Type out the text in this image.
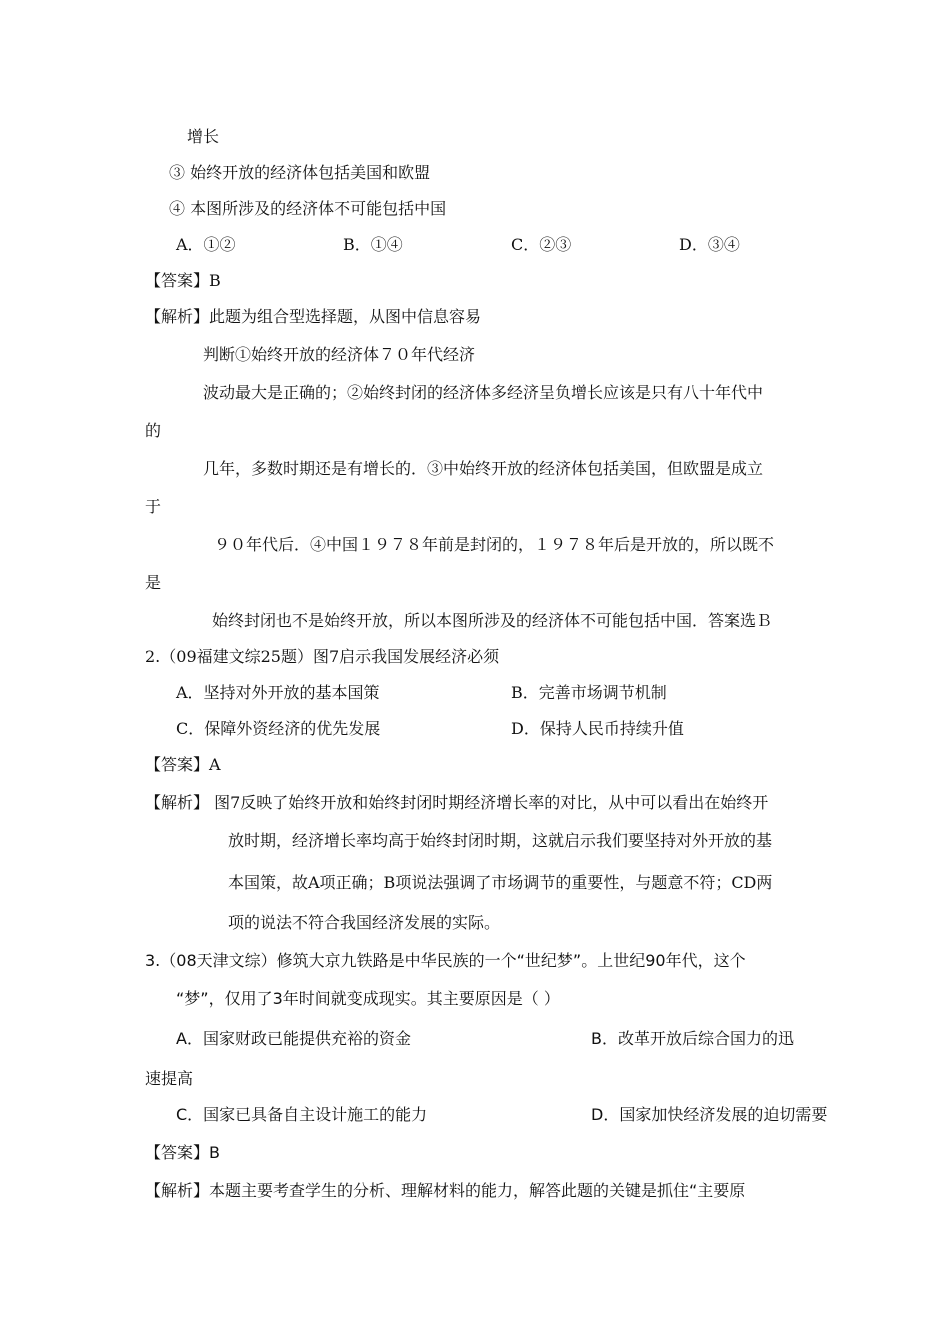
增长
③ 始终开放的经济体包括美国和欧盟
④ 本图所涉及的经济体不可能包括中国
A．①②	B．①④	C．②③	D．③④
【答案】B
【解析】此题为组合型选择题，从图中信息容易
判断①始终开放的经济体７０年代经济
波动最大是正确的；②始终封闭的经济体多经济呈负增长应该是只有八十年代中
的
几年，多数时期还是有增长的．③中始终开放的经济体包括美国，但欧盟是成立
于
９０年代后．④中国１９７８年前是封闭的，１９７８年后是开放的，所以既不
是
始终封闭也不是始终开放，所以本图所涉及的经济体不可能包括中国．答案选Ｂ
2.（09福建文综25题）图7启示我国发展经济必须
A．坚持对外开放的基本国策	B．完善市场调节机制
C．保障外资经济的优先发展	D．保持人民币持续升值
【答案】A
【解析】 图7反映了始终开放和始终封闭时期经济增长率的对比，从中可以看出在始终开
放时期，经济增长率均高于始终封闭时期，这就启示我们要坚持对外开放的基
本国策，故A项正确；B项说法强调了市场调节的重要性，与题意不符；CD两
项的说法不符合我国经济发展的实际。
3.（08天津文综）修筑大京九铁路是中华民族的一个“世纪梦”。上世纪90年代，这个
“梦”，仅用了3年时间就变成现实。其主要原因是（ ）
A．国家财政已能提供充裕的资金	B．改革开放后综合国力的迅
速提高
C．国家已具备自主设计施工的能力	D．国家加快经济发展的迫切需要
【答案】B
【解析】本题主要考查学生的分析、理解材料的能力，解答此题的关键是抓住“主要原
